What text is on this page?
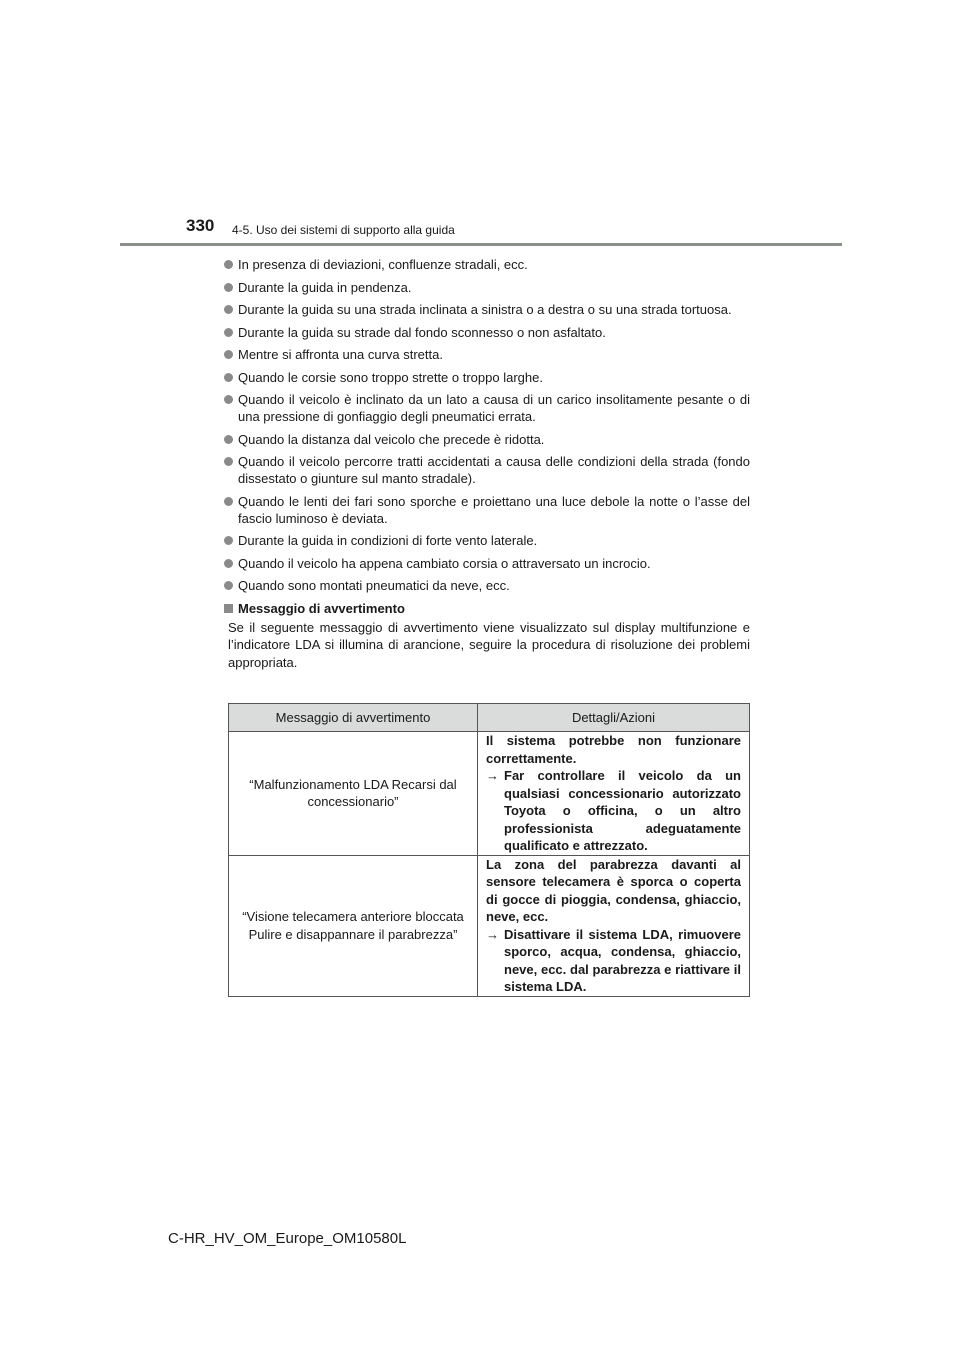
330 4-5. Uso dei sistemi di supporto alla guida
In presenza di deviazioni, confluenze stradali, ecc.
Durante la guida in pendenza.
Durante la guida su una strada inclinata a sinistra o a destra o su una strada tortuosa.
Durante la guida su strade dal fondo sconnesso o non asfaltato.
Mentre si affronta una curva stretta.
Quando le corsie sono troppo strette o troppo larghe.
Quando il veicolo è inclinato da un lato a causa di un carico insolitamente pesante o di una pressione di gonfiaggio degli pneumatici errata.
Quando la distanza dal veicolo che precede è ridotta.
Quando il veicolo percorre tratti accidentati a causa delle condizioni della strada (fondo dissestato o giunture sul manto stradale).
Quando le lenti dei fari sono sporche e proiettano una luce debole la notte o l’asse del fascio luminoso è deviata.
Durante la guida in condizioni di forte vento laterale.
Quando il veicolo ha appena cambiato corsia o attraversato un incrocio.
Quando sono montati pneumatici da neve, ecc.
Messaggio di avvertimento
Se il seguente messaggio di avvertimento viene visualizzato sul display multifunzione e l’indicatore LDA si illumina di arancione, seguire la procedura di risoluzione dei problemi appropriata.
Messaggio di avvertimento	Dettagli/Azioni
“Malfunzionamento LDA Recarsi dal concessionario”	Il sistema potrebbe non funzionare correttamente.

→ Far controllare il veicolo da un qualsiasi concessionario autorizzato Toyota o officina, o un altro professionista adeguatamente qualificato e attrezzato.

“Visione telecamera anteriore bloccata Pulire e disappannare il parabrezza”	La zona del parabrezza davanti al sensore telecamera è sporca o coperta di gocce di pioggia, condensa, ghiaccio, neve, ecc.

→ Disattivare il sistema LDA, rimuovere sporco, acqua, condensa, ghiaccio, neve, ecc. dal parabrezza e riattivare il sistema LDA.

C-HR_HV_OM_Europe_OM10580L
